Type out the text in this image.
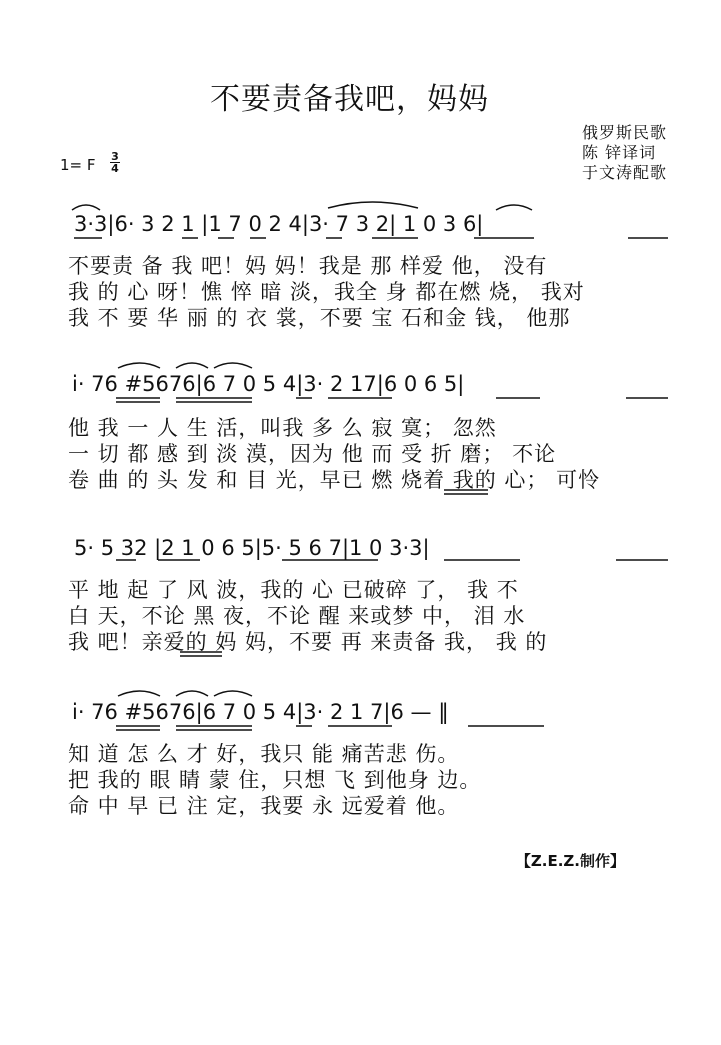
不要责备我吧，妈妈
俄罗斯民歌
陈 锌译词
于文涛配歌
1= F 3
4
3·3|6· 3 2 1 |1 7 0 2 4|3· 7 3 2| 1 0 3 6|
不要责 备 我 吧！妈 妈！我是 那 样爱 他， 没有
我 的 心 呀！憔 悴 暗 淡，我全 身 都在燃 烧， 我对
我 不 要 华 丽 的 衣 裳，不要 宝 石和金 钱， 他那
i· 76 #5676|6 7 0 5 4|3· 2 17|6 0 6 5|
他 我 一 人 生 活，叫我 多 么 寂 寞； 忽然
一 切 都 感 到 淡 漠，因为 他 而 受 折 磨； 不论
卷 曲 的 头 发 和 目 光，早已 燃 烧着 我的 心； 可怜
5· 5 32 |2 1 0 6 5|5· 5 6 7|1 0 3·3|
平 地 起 了 风 波，我的 心 已破碎 了， 我 不
白 天，不论 黑 夜，不论 醒 来或梦 中， 泪 水
我 吧！亲爱的 妈 妈，不要 再 来责备 我， 我 的
i· 76 #5676|6 7 0 5 4|3· 2 1 7|6 — ‖
知 道 怎 么 才 好，我只 能 痛苦悲 伤。
把 我的 眼 睛 蒙 住，只想 飞 到他身 边。
命 中 早 已 注 定，我要 永 远爱着 他。
【Z.E.Z.制作】
